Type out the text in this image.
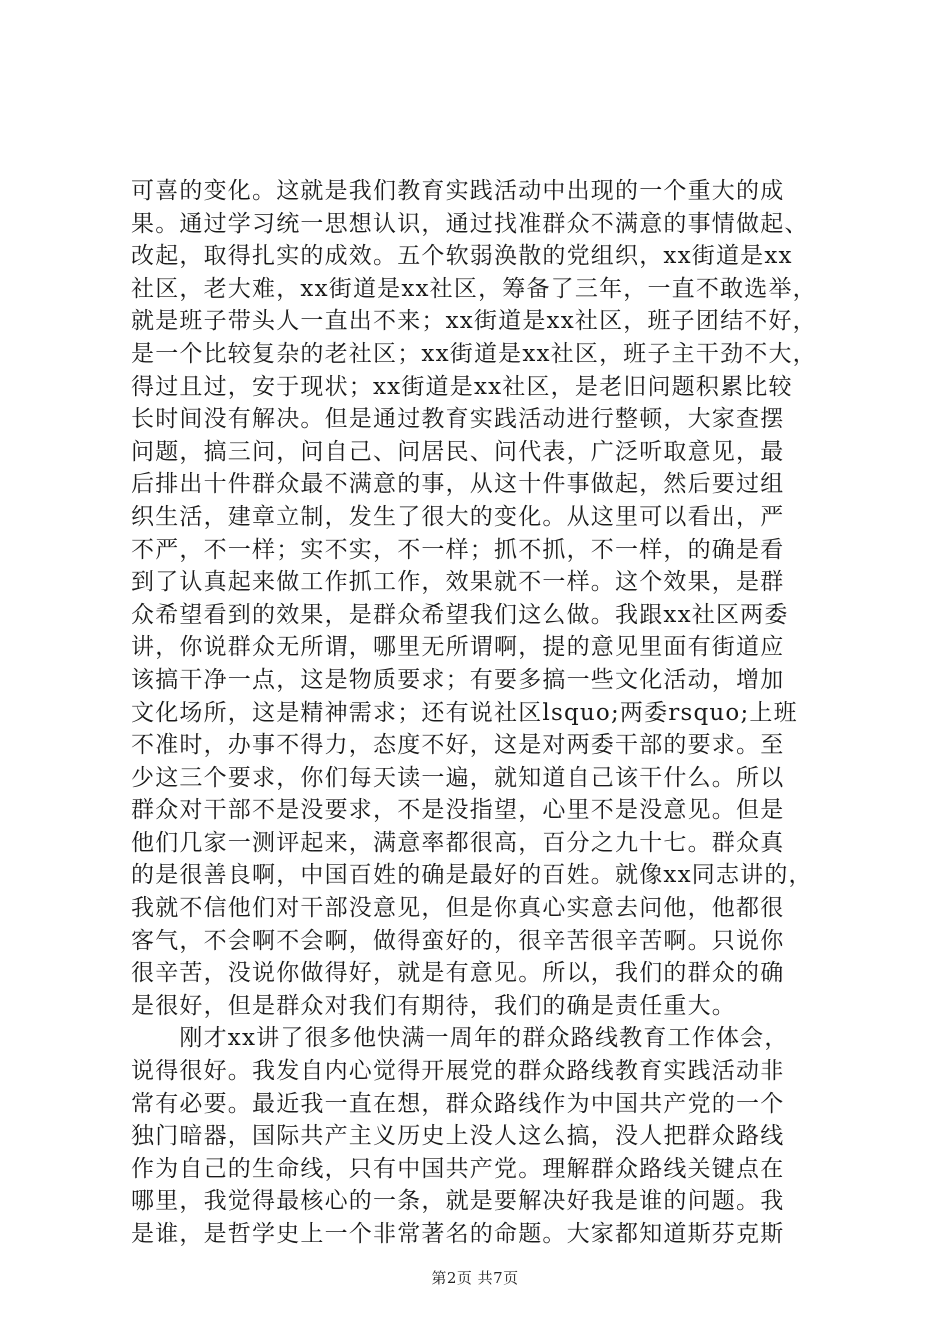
可喜的变化。这就是我们教育实践活动中出现的一个重大的成
果。通过学习统一思想认识，通过找准群众不满意的事情做起、
改起，取得扎实的成效。五个软弱涣散的党组织，xx街道是xx
社区，老大难，xx街道是xx社区，筹备了三年，一直不敢选举，
就是班子带头人一直出不来；xx街道是xx社区，班子团结不好，
是一个比较复杂的老社区；xx街道是xx社区，班子主干劲不大，
得过且过，安于现状；xx街道是xx社区，是老旧问题积累比较
长时间没有解决。但是通过教育实践活动进行整顿，大家查摆
问题，搞三问，问自己、问居民、问代表，广泛听取意见，最
后排出十件群众最不满意的事，从这十件事做起，然后要过组
织生活，建章立制，发生了很大的变化。从这里可以看出，严
不严，不一样；实不实，不一样；抓不抓，不一样，的确是看
到了认真起来做工作抓工作，效果就不一样。这个效果，是群
众希望看到的效果，是群众希望我们这么做。我跟xx社区两委
讲，你说群众无所谓，哪里无所谓啊，提的意见里面有街道应
该搞干净一点，这是物质要求；有要多搞一些文化活动，增加
文化场所，这是精神需求；还有说社区lsquo;两委rsquo;上班
不准时，办事不得力，态度不好，这是对两委干部的要求。至
少这三个要求，你们每天读一遍，就知道自己该干什么。所以
群众对干部不是没要求，不是没指望，心里不是没意见。但是
他们几家一测评起来，满意率都很高，百分之九十七。群众真
的是很善良啊，中国百姓的确是最好的百姓。就像xx同志讲的，
我就不信他们对干部没意见，但是你真心实意去问他，他都很
客气，不会啊不会啊，做得蛮好的，很辛苦很辛苦啊。只说你
很辛苦，没说你做得好，就是有意见。所以，我们的群众的确
是很好，但是群众对我们有期待，我们的确是责任重大。
　　刚才xx讲了很多他快满一周年的群众路线教育工作体会，
说得很好。我发自内心觉得开展党的群众路线教育实践活动非
常有必要。最近我一直在想，群众路线作为中国共产党的一个
独门暗器，国际共产主义历史上没人这么搞，没人把群众路线
作为自己的生命线，只有中国共产党。理解群众路线关键点在
哪里，我觉得最核心的一条，就是要解决好我是谁的问题。我
是谁，是哲学史上一个非常著名的命题。大家都知道斯芬克斯
第2页 共7页
